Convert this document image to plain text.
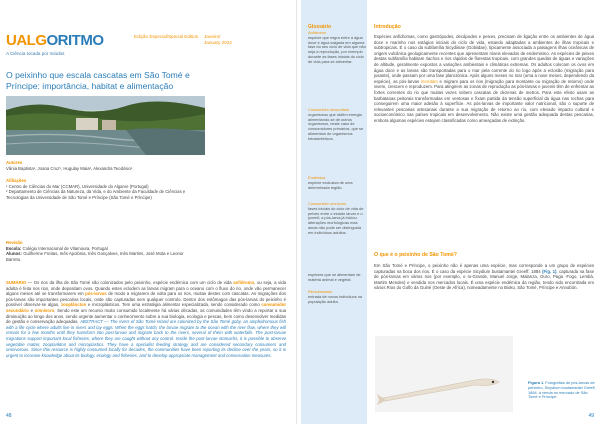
UALGORITMO
A Ciência tocada por miúdos
Edição Especial/Special Edition Janeiro/
January 2024
O peixinho que escala cascatas em São Tomé e Príncipe: importância, habitat e alimentação
Autores
Vânia Baptista¹, Joana Cruz¹, Hugulay Maia², Alexandra Teodósio¹
Afiliações
¹ Centro de Ciências do Mar (CCMAR), Universidade do Algarve (Portugal)
² Departamento de Ciências da Natureza, da Vida, e do Ambiente da Faculdade de Ciências e Tecnologias da Universidade de São Tomé e Príncipe (São Tomé e Príncipe)
Revisão
Escola: Colégio Internacional de Vilamoura, Portugal
Alunos: Guilherme Freitas, Inês Apolónia, Inês Gonçalves, Inês Martins, José Mota e Leonor Barreto.
SUMÁRIO — Os rios da ilha de São Tomé são colonizados pelo peixinho, espécie endémica com um ciclo de vida anfídromo, ou seja, a vida adulta é feita nos rios, onde depositam ovos. Quando estes eclodem as larvas migram para o oceano com o fluxo do rio, onde vão permanecer alguns meses até se transformarem em pós-larvas de modo a migrarem de volta para os rios, muitas destes com cascatas. As migrações dos pós-larvas são importantes pescarias locais, onde são capturadas sem qualquer controlo. Dentro dos estômagos das pós-larvas do peixinho é possível observar-se algas, zooplâncton e microplásticos. Tem uma estratégia alimentar especializada, sendo considerado como consumidor secundário e omnívoro. Sendo este um recurso muito consumido localmente há várias décadas, as comunidades têm vindo a reportar a sua diminuição ao longo dos anos, sendo urgente aumentar o conhecimento sobre a sua biologia, ecologia e pescas, bem como desenvolver medidas de gestão e conservação adequadas. ABSTRACT — The rivers of São Tomé Island are colonized by the São Tomé goby, an amphidromous fish with a life cycle where adults live in rivers and lay eggs. When the eggs hatch, the larvae migrate to the ocean with the river flow, where they will remain for a few months until they transform into post-larvae and migrate back to the rivers, several of them with waterfalls. The post-larvae migrations support important local fisheries, where they are caught without any control. Inside the post-larvae stomachs, it is possible to observe vegetable matter, zooplankton and microplastics. They have a specialist feeding strategy and are considered secondary consumers and omnivorous. Since this resource is highly consumed locally for decades, the communities have been reporting its decline over the years, so it is urgent to increase knowledge about its biology, ecology and fisheries, and to develop appropriate management and conservation measures.
48
Glossário
Anfídromo
espécie que migra entre a água doce e água salgada em alguma fase do seu ciclo de vida que não seja a reprodução, por exemplo durante as fases iniciais do ciclo de vida para se alimentar.
Consumidor secundário
organismos que obtêm energia alimentando-se de outros organismos, neste caso de consumidores primários, que se alimentam de organismos fotossintéticos.
Endémica
espécie exclusiva de uma determinada região.
Consumidor omnívoro
fases iniciais do ciclo de vida de peixes entre o estado larvar e o juvenil; a pós-larva já iniciou alterações morfológicas mas ainda não pode ser distinguida em indivíduos adultos.
espécies que se alimentam de matéria animal e vegetal.
Recrutamento
entrada de novos indivíduos na população adulta.
Introdução
Espécies anfídromas, como gastrópodes, decápodes e peixes, precisam de ligação entre os ambientes de água doce e marinho nos estágios iniciais do ciclo de vida, estando adaptadas a ambientes de ilhas tropicais e subtropicais. É o caso da subfamília Sicydiinae (Gobiidae), tipicamente associada a paisagens ilhas oceânicas de origem vulcânica geologicamente recentes que apresentam níveis elevados de endemismo. As espécies de peixes destas subfamília habitam riachos e rios rápidos de florestas tropicais, com grandes quedas de águas e variações de altitude, geralmente expostos a variações ambientais e climáticas extremas. Os adultos colocam os ovos em água doce e as larvas são transportadas para o mar pela corrente do rio logo após a eclosão (migração para jusante), onde passam por uma fase planctónica. Após alguns meses no mar (uma a nove meses, dependendo da espécie), as pós-larvas recrutam e migram para os rios (migração para montante ou migração de retorno) onde vivem, crescem e reproduzem. Para atingirem as zonas de reprodução as pós-larvas e juvenis têm de enfrentar as fortes correntes do rio que muitas vezes sobem cascatas de dezenas de metros. Para este efeito usam as barbatanas peitorais transformadas em ventosas e fixam partida da tensão superficial da água nas rochas para conseguirem uma maior adesão à superfície. As pós-larvas de importante valor nutricional, são o suporte de relevantes pescarias artesanais durante a sua migração de retorno ao rio, com elevado impacto cultural e socioeconómico nas países tropicais em desenvolvimento. Não existe uma gestão adequada destas pescarias, embora algumas espécies estejam classificadas como ameaçadas de extinção.
O que é o peixinho de São Tomé?
Em São Tomé e Príncipe, o peixinho não é apenas uma espécie, mas corresponde a um grupo de espécies capturadas na boca dos rios. É o caso da espécie Sicydium bustamantei Greeff, 1884 (Fig. 1), capturada na fase de pós-larvas em vários rios (por exemplo, o Io-Grande, Manuel Jorge, Malanza, Ouro, Paga -Fogo, Lembá, Martim Mendes) e vendida nos mercados locais. É uma espécie endémica da região, tendo sido encontrada em vários Rios do Golfo da Guiné (Oeste de Africa), nomeadamente no Bioko, São Tomé, Príncipe e Annobón.
Figura 1. Fotografias de pós-larvas de peixinho, Sicydium bustamantei Greeff, 1884, à venda no mercado de São Tomé e Príncipe.
49
